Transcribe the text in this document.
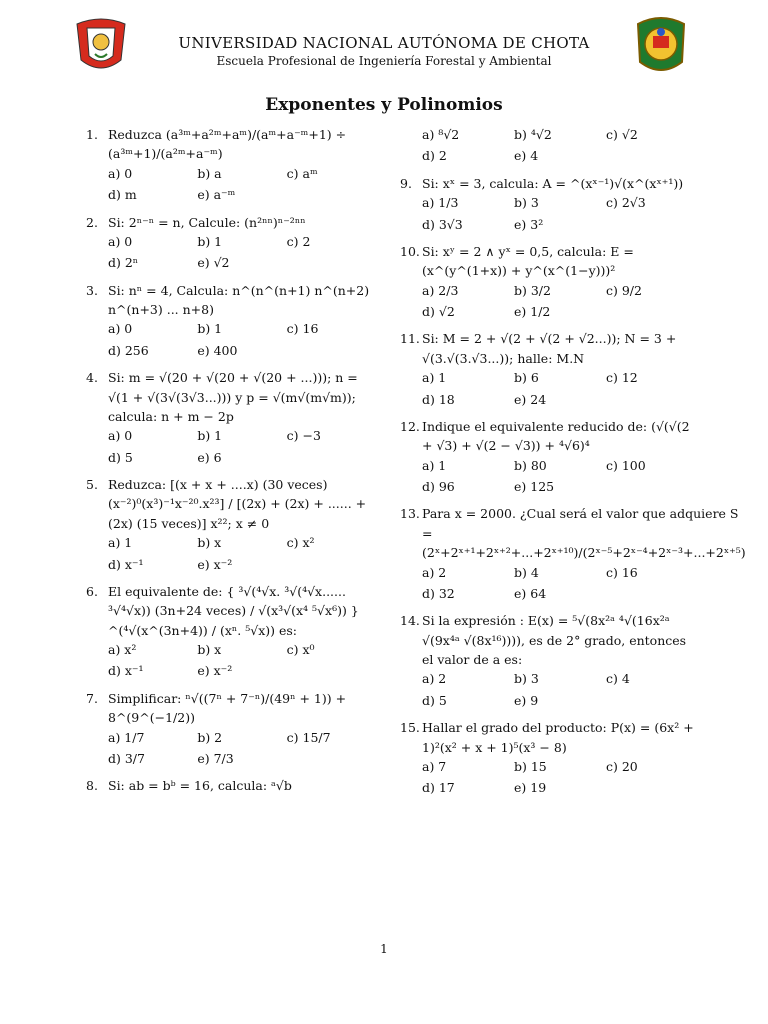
UNIVERSIDAD NACIONAL AUTÓNOMA DE CHOTA
Escuela Profesional de Ingeniería Forestal y Ambiental
Exponentes y Polinomios
1. Reduzca (a³ᵐ+a²ᵐ+aᵐ)/(aᵐ+a⁻ᵐ+1) ÷ (a³ᵐ+1)/(a²ᵐ+a⁻ᵐ)
a) 0	b) a	c) aᵐ
d) m	e) a⁻ᵐ
2. Si: 2ⁿ⁻ⁿ = n, Calcule: (n²ⁿⁿ)ⁿ⁻²ⁿⁿ
a) 0	b) 1	c) 2
d) 2ⁿ	e) √2
3. Si: nⁿ = 4, Calcula: n^(n^(n+1) n^(n+2) n^(n+3) ... n+8)
a) 0	b) 1	c) 16
d) 256	e) 400
4. Si: m = √(20 + √(20 + √(20 + ...))); n = √(1 + √(3√(3√3...))) y p = √(m√(m√m)); calcula: n + m − 2p
a) 0	b) 1	c) −3
d) 5	e) 6
5. Reduzca: [(x + x + ....x) (30 veces) (x⁻²)⁰(x³)⁻¹x⁻²⁰.x²³] / [(2x) + (2x) + ...... + (2x) (15 veces)] x²²; x ≠ 0
a) 1	b) x	c) x²
d) x⁻¹	e) x⁻²
6. El equivalente de: { ³√(⁴√x. ³√(⁴√x...... ³√⁴√x)) (3n+24 veces) / √(x³√(x⁴ ⁵√x⁶)) } ^(⁴√(x^(3n+4)) / (xⁿ. ⁵√x)) es:
a) x²	b) x	c) x⁰
d) x⁻¹	e) x⁻²
7. Simplificar: ⁿ√((7ⁿ + 7⁻ⁿ)/(49ⁿ + 1)) + 8^(9^(−1/2))
a) 1/7	b) 2	c) 15/7
d) 3/7	e) 7/3
8. Si: ab = bᵇ = 16, calcula: ᵃ√b
a) ⁸√2	b) ⁴√2	c) √2
d) 2	e) 4
9. Si: xˣ = 3, calcula: A = ^(xˣ⁻¹)√(x^(xˣ⁺¹))
a) 1/3	b) 3	c) 2√3
d) 3√3	e) 3²
10. Si: xʸ = 2 ∧ yˣ = 0,5, calcula: E = (x^(y^(1+x)) + y^(x^(1−y)))²
a) 2/3	b) 3/2	c) 9/2
d) √2	e) 1/2
11. Si: M = 2 + √(2 + √(2 + √2...)); N = 3 + √(3.√(3.√3...)); halle: M.N
a) 1	b) 6	c) 12
d) 18	e) 24
12. Indique el equivalente reducido de: (√(√(2 + √3) + √(2 − √3)) + ⁴√6)⁴
a) 1	b) 80	c) 100
d) 96	e) 125
13. Para x = 2000. ¿Cual será el valor que adquiere S = (2ˣ+2ˣ⁺¹+2ˣ⁺²+...+2ˣ⁺¹⁰)/(2ˣ⁻⁵+2ˣ⁻⁴+2ˣ⁻³+...+2ˣ⁺⁵)
a) 2	b) 4	c) 16
d) 32	e) 64
14. Si la expresión : E(x) = ⁵√(8x²ᵃ ⁴√(16x²ᵃ √(9x⁴ᵃ √(8x¹⁶)))), es de 2° grado, entonces el valor de a es:
a) 2	b) 3	c) 4
d) 5	e) 9
15. Hallar el grado del producto: P(x) = (6x² + 1)²(x² + x + 1)⁵(x³ − 8)
a) 7	b) 15	c) 20
d) 17	e) 19
1
